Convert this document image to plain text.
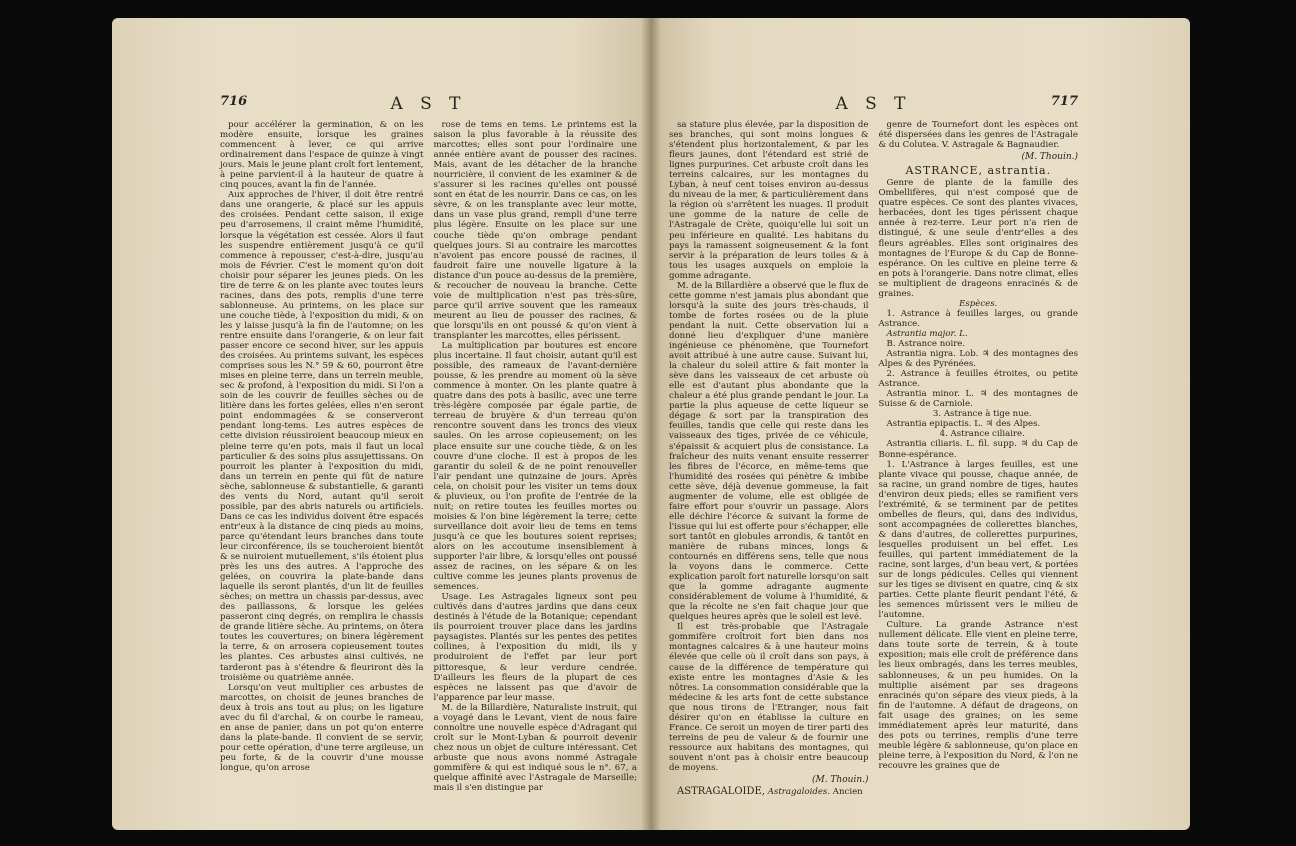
716	A S T

pour accélérer la germination, & on les modère ensuite, lorsque les graines commencent à lever, ce qui arrive ordinairement dans l'espace de quinze à vingt jours. Mais le jeune plant croît fort lentement, à peine parvient-il à la hauteur de quatre à cinq pouces, avant la fin de l'année.

Aux approches de l'hiver, il doit être rentré dans une orangerie, & placé sur les appuis des croisées. Pendant cette saison, il exige peu d'arrosemens, il craint même l'humidité, lorsque la végétation est cessée. Alors il faut les suspendre entièrement jusqu'à ce qu'il commence à repousser, c'est-à-dire, jusqu'au mois de Février. C'est le moment qu'on doit choisir pour séparer les jeunes pieds. On les tire de terre & on les plante avec toutes leurs racines, dans des pots, remplis d'une terre sablonneuse. Au printems, on les place sur une couche tiède, à l'exposition du midi, & on les y laisse jusqu'à la fin de l'automne; on les rentre ensuite dans l'orangerie, & on leur fait passer encore ce second hiver, sur les appuis des croisées. Au printems suivant, les espèces comprises sous les N.° 59 & 60, pourront être mises en pleine terre, dans un terrein meuble, sec & profond, à l'exposition du midi. Si l'on a soin de les couvrir de feuilles sèches ou de litière dans les fortes gelées, elles n'en seront point endommagées & se conserveront pendant long-tems. Les autres espèces de cette division réussiroient beaucoup mieux en pleine terre qu'en pots, mais il faut un local particulier & des soins plus assujettissans. On pourroit les planter à l'exposition du midi, dans un terrein en pente qui fût de nature sèche, sablonneuse & substantielle, & garanti des vents du Nord, autant qu'il seroit possible, par des abris naturels ou artificiels. Dans ce cas les individus doivent être espacés entr'eux à la distance de cinq pieds au moins, parce qu'étendant leurs branches dans toute leur circonférence, ils se toucheroient bientôt & se nuiroient mutuellement, s'ils étoient plus près les uns des autres. A l'approche des gelées, on couvrira la plate-bande dans laquelle ils seront plantés, d'un lit de feuilles sèches; on mettra un chassis par-dessus, avec des paillassons, & lorsque les gelées passeront cinq degrés, on remplira le chassis de grande litière sèche. Au printems, on ôtera toutes les couvertures; on binera légèrement la terre, & on arrosera copieusement toutes les plantes. Ces arbustes ainsi cultivés, ne tarderont pas à s'étendre & fleuriront dès la troisième ou quatrième année.

Lorsqu'on veut multiplier ces arbustes de marcottes, on choisit de jeunes branches de deux à trois ans tout au plus; on les ligature avec du fil d'archal, & on courbe le rameau, en anse de panier, dans un pot qu'on enterre dans la plate-bande. Il convient de se servir, pour cette opération, d'une terre argileuse, un peu forte, & de la couvrir d'une mousse longue, qu'on arrose

rose de tems en tems. Le printems est la saison la plus favorable à la réussite des marcottes; elles sont pour l'ordinaire une année entière avant de pousser des racines. Mais, avant de les détacher de la branche nourricière, il convient de les examiner & de s'assurer si les racines qu'elles ont poussé sont en état de les nourrir. Dans ce cas, on les sèvre, & on les transplante avec leur motte, dans un vase plus grand, rempli d'une terre plus légère. Ensuite on les place sur une couche tiède qu'on ombrage pendant quelques jours. Si au contraire les marcottes n'avoient pas encore poussé de racines, il faudroit faire une nouvelle ligature à la distance d'un pouce au-dessus de la première, & recoucher de nouveau la branche. Cette voie de multiplication n'est pas très-sûre, parce qu'il arrive souvent que les rameaux meurent au lieu de pousser des racines, & que lorsqu'ils en ont poussé & qu'on vient à transplanter les marcottes, elles périssent.

La multiplication par boutures est encore plus incertaine. Il faut choisir, autant qu'il est possible, des rameaux de l'avant-dernière pousse, & les prendre au moment où la sève commence à monter. On les plante quatre à quatre dans des pots à basilic, avec une terre très-légère composée par égale partie, de terreau de bruyère & d'un terreau qu'on rencontre souvent dans les troncs des vieux saules. On les arrose copieusement; on les place ensuite sur une couche tiède, & on les couvre d'une cloche. Il est à propos de les garantir du soleil & de ne point renouveller l'air pendant une quinzaine de jours. Après cela, on choisit pour les visiter un tems doux & pluvieux, ou l'on profite de l'entrée de la nuit; on retire toutes les feuilles mortes ou moisies & l'on bine légèrement la terre; cette surveillance doit avoir lieu de tems en tems jusqu'à ce que les boutures soient reprises; alors on les accoutume insensiblement à supporter l'air libre, & lorsqu'elles ont poussé assez de racines, on les sépare & on les cultive comme les jeunes plants provenus de semences.

Usage. Les Astragales ligneux sont peu cultivés dans d'autres jardins que dans ceux destinés à l'étude de la Botanique; cependant ils pourroient trouver place dans les jardins paysagistes. Plantés sur les pentes des petites collines, à l'exposition du midi, ils y produiroient de l'effet par leur port pittoresque, & leur verdure cendrée. D'ailleurs les fleurs de la plupart de ces espèces ne laissent pas que d'avoir de l'apparence par leur masse.

M. de la Billardière, Naturaliste instruit, qui a voyagé dans le Levant, vient de nous faire connoître une nouvelle espèce d'Adragant qui croît sur le Mont-Lyban & pourroit devenir chez nous un objet de culture intéressant. Cet arbuste que nous avons nommé Astragale gommifère & qui est indiqué sous le n°. 67, a quelque affinité avec l'Astragale de Marseille; mais il s'en distingue par

A S T	717

sa stature plus élevée, par la disposition de ses branches, qui sont moins longues & s'étendent plus horizontalement, & par les fleurs jaunes, dont l'étendard est strié de lignes purpurines. Cet arbuste croît dans les terreins calcaires, sur les montagnes du Lyban, à neuf cent toises environ au-dessus du niveau de la mer, & particulièrement dans la région où s'arrêtent les nuages. Il produit une gomme de la nature de celle de l'Astragale de Crète, quoiqu'elle lui soit un peu inférieure en qualité. Les habitans du pays la ramassent soigneusement & la font servir à la préparation de leurs toiles & à tous les usages auxquels on emploie la gomme adragante.

M. de la Billardière a observé que le flux de cette gomme n'est jamais plus abondant que lorsqu'à la suite des jours très-chauds, il tombe de fortes rosées ou de la pluie pendant la nuit. Cette observation lui a donné lieu d'expliquer d'une manière ingénieuse ce phénomène, que Tournefort avoit attribué à une autre cause. Suivant lui, la chaleur du soleil attire & fait monter la sève dans les vaisseaux de cet arbuste où elle est d'autant plus abondante que la chaleur a été plus grande pendant le jour. La partie la plus aqueuse de cette liqueur se dégage & sort par la transpiration des feuilles, tandis que celle qui reste dans les vaisseaux des tiges, privée de ce véhicule, s'épaissit & acquiert plus de consistance. La fraîcheur des nuits venant ensuite resserrer les fibres de l'écorce, en même-tems que l'humidité des rosées qui pénètre & imbibe cette sève, déjà devenue gommeuse, la fait augmenter de volume, elle est obligée de faire effort pour s'ouvrir un passage. Alors elle déchire l'écorce & suivant la forme de l'issue qui lui est offerte pour s'échapper, elle sort tantôt en globules arrondis, & tantôt en manière de rubans minces, longs & contournés en différens sens, telle que nous la voyons dans le commerce. Cette explication paroît fort naturelle lorsqu'on sait que la gomme adragante augmente considérablement de volume à l'humidité, & que la récolte ne s'en fait chaque jour que quelques heures après que le soleil est levé.

Il est très-probable que l'Astragale gommifère croîtroit fort bien dans nos montagnes calcaires & à une hauteur moins élevée que celle où il croît dans son pays, à cause de la différence de température qui existe entre les montagnes d'Asie & les nôtres. La consommation considérable que la médecine & les arts font de cette substance que nous tirons de l'Etranger, nous fait désirer qu'on en établisse la culture en France. Ce seroit un moyen de tirer parti des terreins de peu de valeur & de fournir une ressource aux habitans des montagnes, qui souvent n'ont pas à choisir entre beaucoup de moyens.

(M. Thouin.)

ASTRAGALOIDE, Astragaloides. Ancien

genre de Tournefort dont les espèces ont été dispersées dans les genres de l'Astragale & du Colutea. V. Astragale & Bagnaudier.

(M. Thouin.)
ASTRANCE, astrantia.

Genre de plante de la famille des Ombellifères, qui n'est composé que de quatre espèces. Ce sont des plantes vivaces, herbacées, dont les tiges périssent chaque année à rez-terre. Leur port n'a rien de distingué, & une seule d'entr'elles a des fleurs agréables. Elles sont originaires des montagnes de l'Europe & du Cap de Bonne-espérance. On les cultive en pleine terre & en pots à l'orangerie. Dans notre climat, elles se multiplient de drageons enracinés & de graines.

Espèces.

1. Astrance à feuilles larges, ou grande Astrance.

Astrantia major. L.

B. Astrance noire.

Astrantia nigra. Lob. ♃ des montagnes des Alpes & des Pyrénées.

2. Astrance à feuilles étroites, ou petite Astrance.

Astrantia minor. L. ♃ des montagnes de Suisse & de Carniole.

3. Astrance à tige nue.

Astrantia epipactis. L. ♃ des Alpes.

4. Astrance ciliaire.

Astrantia ciliaris. L. fil. supp. ♃ du Cap de Bonne-espérance.

1. L'Astrance à larges feuilles, est une plante vivace qui pousse, chaque année, de sa racine, un grand nombre de tiges, hautes d'environ deux pieds; elles se ramifient vers l'extrémité, & se terminent par de petites ombelles de fleurs, qui, dans des individus, sont accompagnées de collerettes blanches, & dans d'autres, de collerettes purpurines, lesquelles produisent un bel effet. Les feuilles, qui partent immédiatement de la racine, sont larges, d'un beau vert, & portées sur de longs pédicules. Celles qui viennent sur les tiges se divisent en quatre, cinq & six parties. Cette plante fleurit pendant l'été, & les semences mûrissent vers le milieu de l'automne.

Culture. La grande Astrance n'est nullement délicate. Elle vient en pleine terre, dans toute sorte de terrein, & à toute exposition; mais elle croît de préférence dans les lieux ombragés, dans les terres meubles, sablonneuses, & un peu humides. On la multiplie aisément par ses drageons enracinés qu'on sépare des vieux pieds, à la fin de l'automne. A défaut de drageons, on fait usage des graines; on les seme immédiatement après leur maturité, dans des pots ou terrines, remplis d'une terre meuble légère & sablonneuse, qu'on place en pleine terre, à l'exposition du Nord, & l'on ne recouvre les graines que de
